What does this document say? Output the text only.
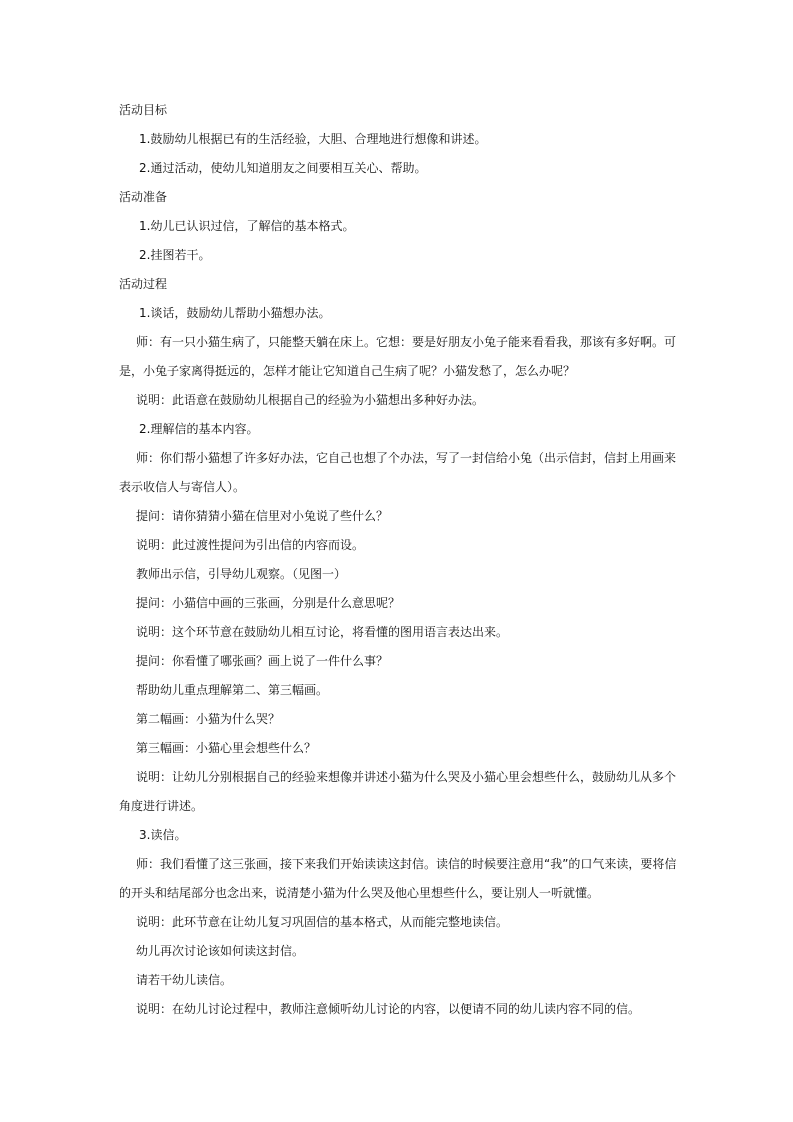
活动目标
1.鼓励幼儿根据已有的生活经验，大胆、合理地进行想像和讲述。
2.通过活动，使幼儿知道朋友之间要相互关心、帮助。
活动准备
1.幼儿已认识过信，了解信的基本格式。
2.挂图若干。
活动过程
1.谈话，鼓励幼儿帮助小猫想办法。
师：有一只小猫生病了，只能整天躺在床上。它想：要是好朋友小兔子能来看看我，那该有多好啊。可
是，小兔子家离得挺远的，怎样才能让它知道自己生病了呢？小猫发愁了，怎么办呢？
说明：此语意在鼓励幼儿根据自己的经验为小猫想出多种好办法。
2.理解信的基本内容。
师：你们帮小猫想了许多好办法，它自己也想了个办法，写了一封信给小兔（出示信封，信封上用画来
表示收信人与寄信人）。
提问：请你猜猜小猫在信里对小兔说了些什么？
说明：此过渡性提问为引出信的内容而设。
教师出示信，引导幼儿观察。（见图一）
提问：小猫信中画的三张画，分别是什么意思呢？
说明：这个环节意在鼓励幼儿相互讨论，将看懂的图用语言表达出来。
提问：你看懂了哪张画？画上说了一件什么事？
帮助幼儿重点理解第二、第三幅画。
第二幅画：小猫为什么哭？
第三幅画：小猫心里会想些什么？
说明：让幼儿分别根据自己的经验来想像并讲述小猫为什么哭及小猫心里会想些什么，鼓励幼儿从多个
角度进行讲述。
3.读信。
师：我们看懂了这三张画，接下来我们开始读读这封信。读信的时候要注意用“我”的口气来读，要将信
的开头和结尾部分也念出来，说清楚小猫为什么哭及他心里想些什么，要让别人一听就懂。
说明：此环节意在让幼儿复习巩固信的基本格式，从而能完整地读信。
幼儿再次讨论该如何读这封信。
请若干幼儿读信。
说明：在幼儿讨论过程中，教师注意倾听幼儿讨论的内容，以便请不同的幼儿读内容不同的信。
